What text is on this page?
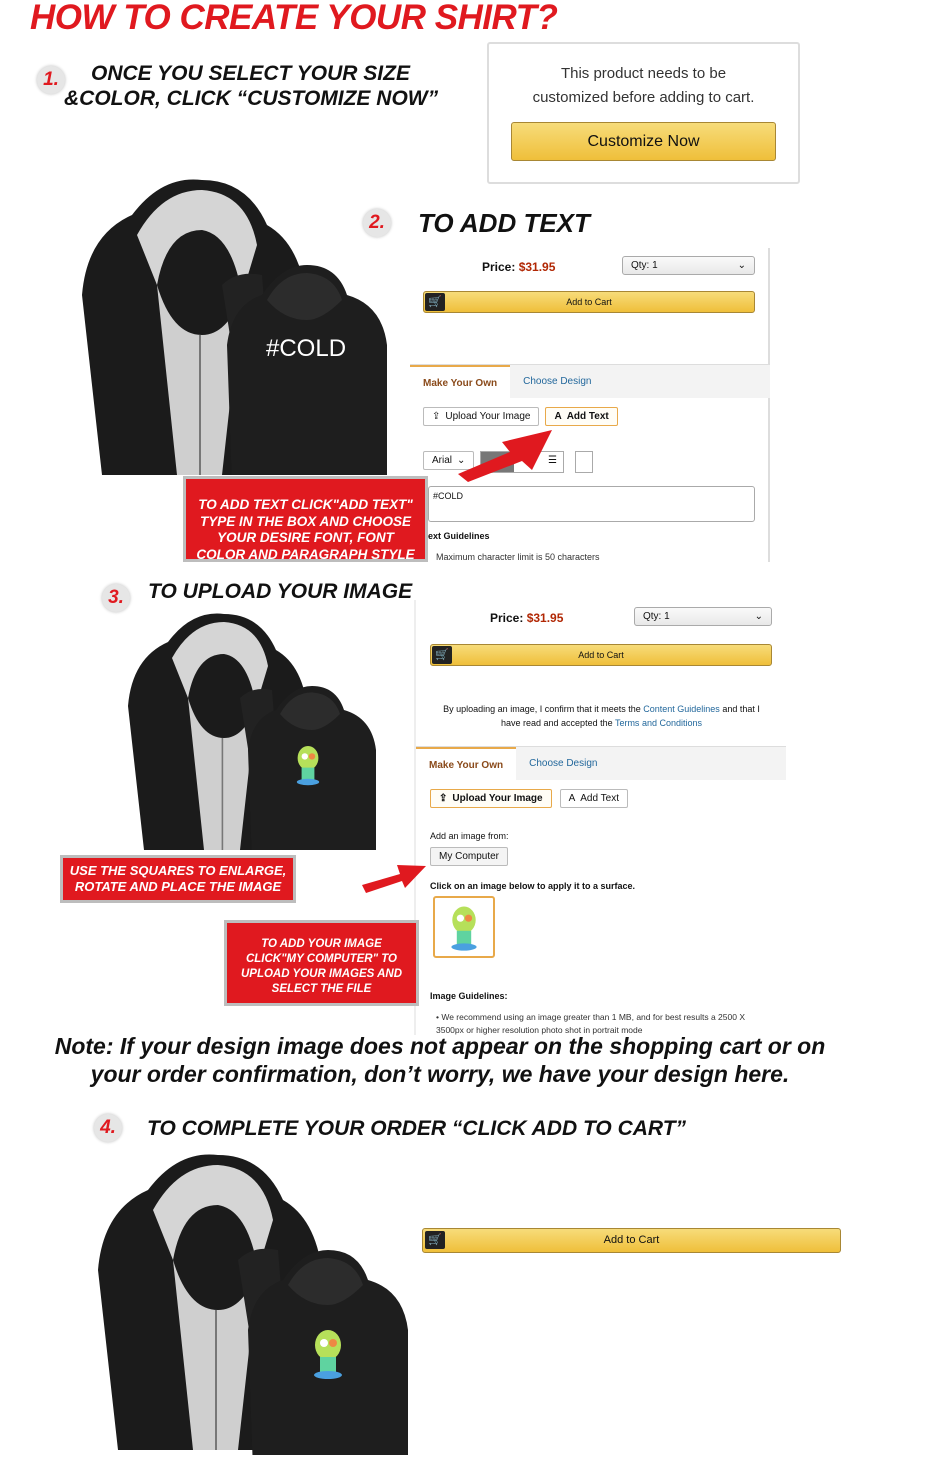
HOW TO CREATE YOUR SHIRT?
1. ONCE YOU SELECT YOUR SIZE
&COLOR, CLICK “CUSTOMIZE NOW”
This product needs to be
customized before adding to cart.
Customize Now
#COLD
2. TO ADD TEXT
Price: $31.95	Qty: 1	⌄
🛒	Add to Cart
Make Your Own	Choose Design
⇪ Upload Your Image A Add Text
Arial ⌄	☰
#COLD
ext Guidelines
Maximum character limit is 50 characters
TO ADD TEXT CLICK"ADD TEXT" TYPE IN THE BOX AND CHOOSE YOUR DESIRE FONT, FONT COLOR AND PARAGRAPH STYLE
3. TO UPLOAD YOUR IMAGE
Price: $31.95	Qty: 1	⌄
🛒	Add to Cart
By uploading an image, I confirm that it meets the Content Guidelines and that I have read and accepted the Terms and Conditions
Make Your Own	Choose Design
⇪ Upload Your Image	A Add Text
Add an image from:
My Computer
Click on an image below to apply it to a surface.
Image Guidelines:
• We recommend using an image greater than 1 MB, and for best results a 2500 X 3500px or higher resolution photo shot in portrait mode
USE THE SQUARES TO ENLARGE, ROTATE AND PLACE THE IMAGE
TO ADD YOUR IMAGE CLICK"MY COMPUTER" TO UPLOAD YOUR IMAGES AND SELECT THE FILE
Note: If your design image does not appear on the shopping cart or on
your order confirmation, don’t worry, we have your design here.
4. TO COMPLETE YOUR ORDER “CLICK ADD TO CART”
🛒	Add to Cart
